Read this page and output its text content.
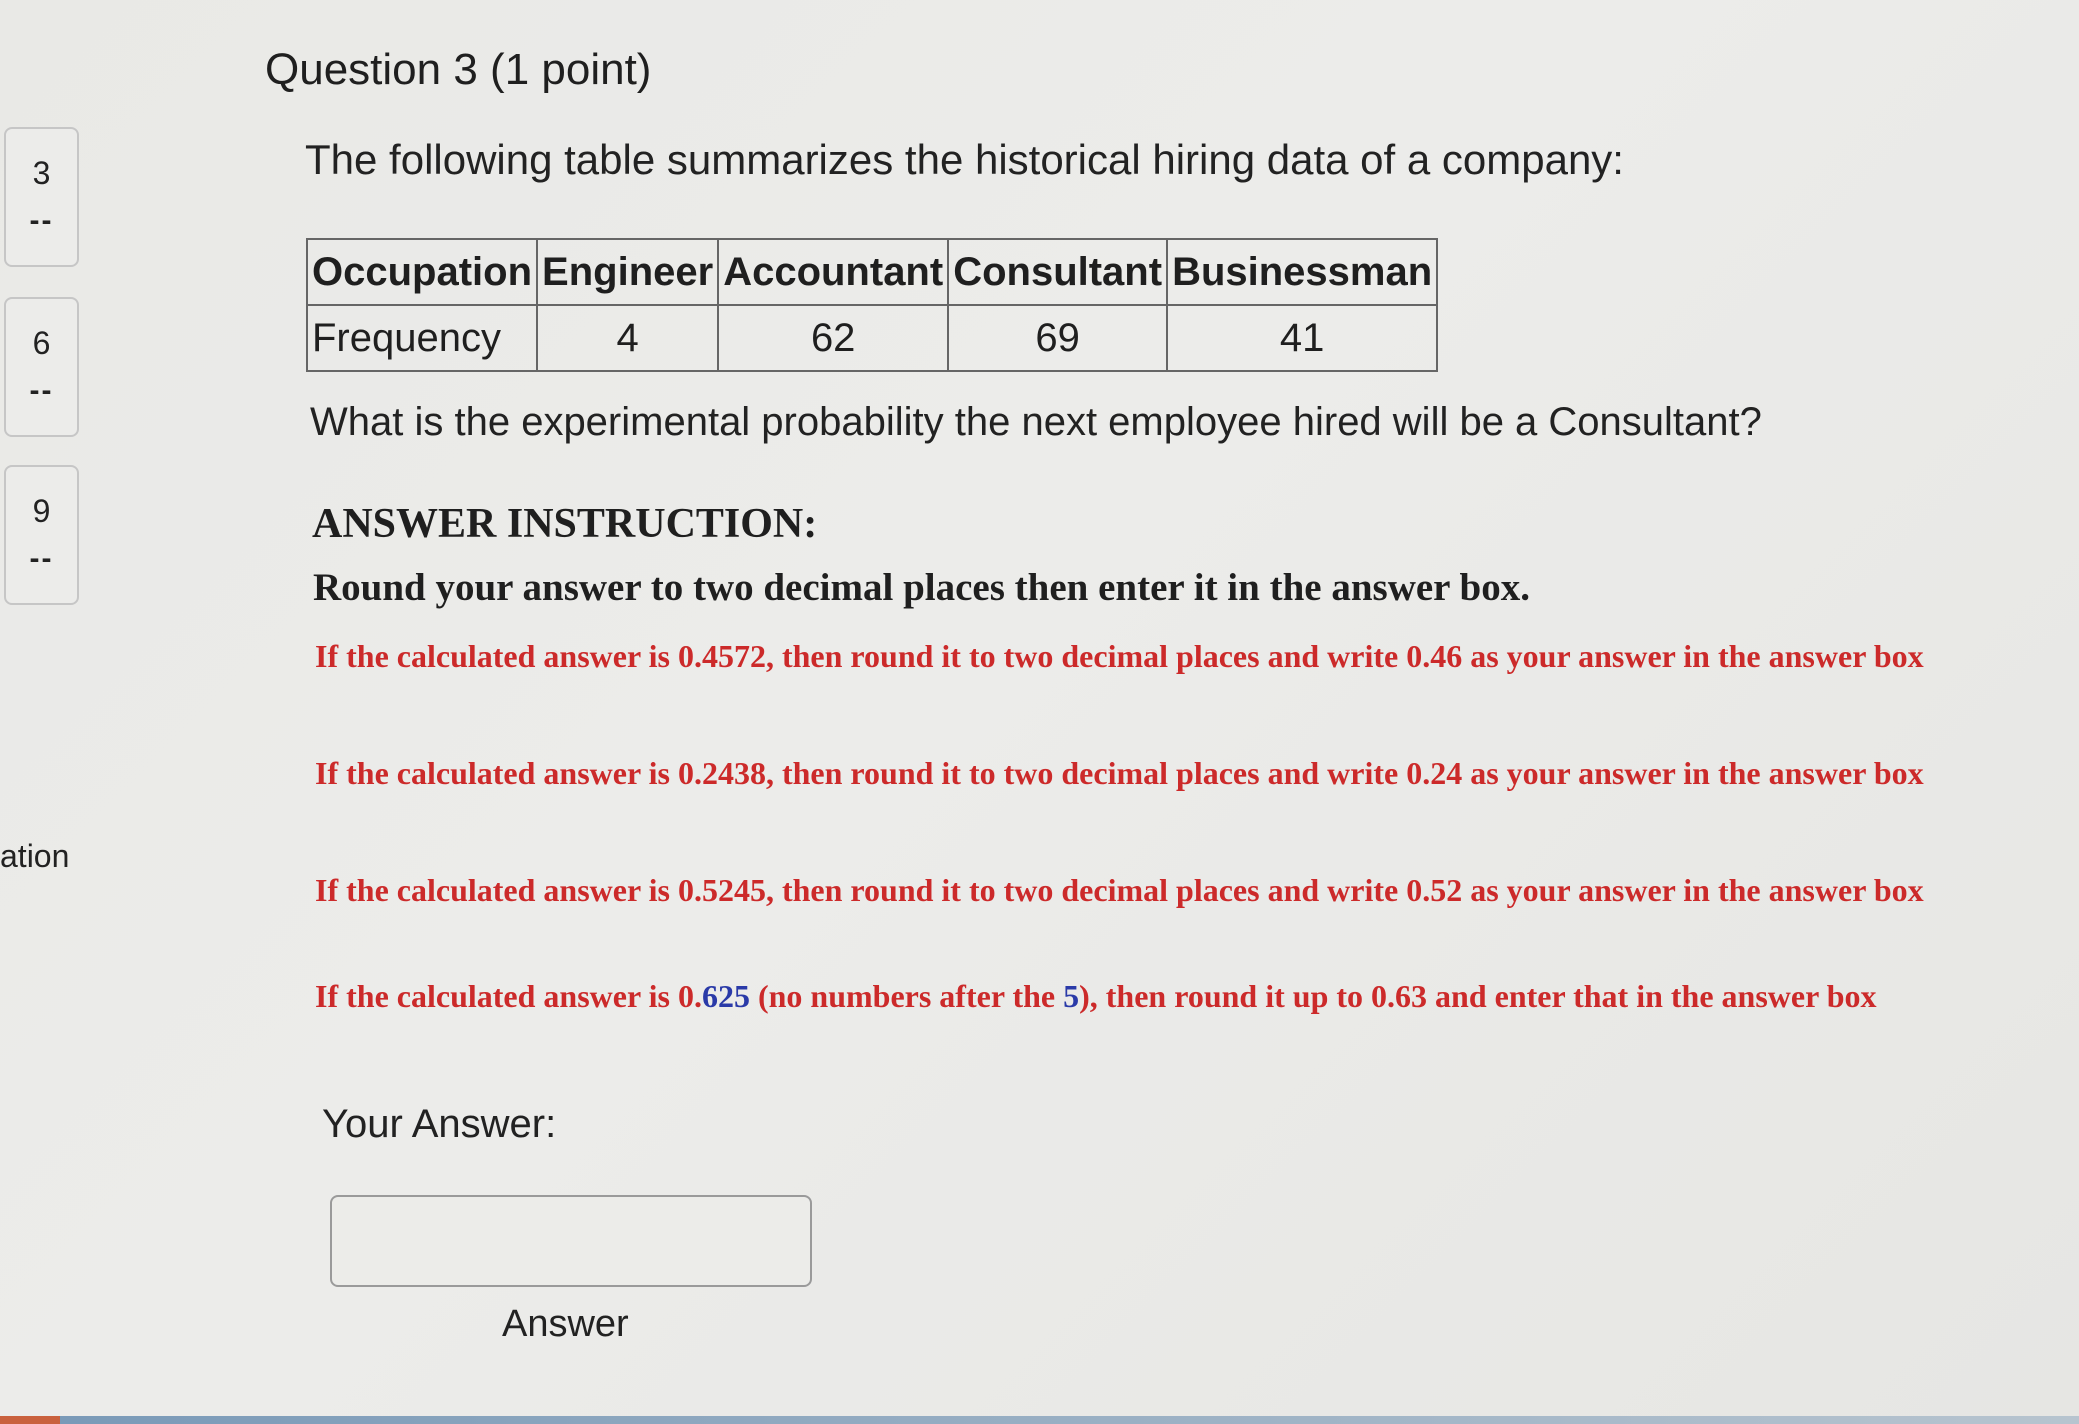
3
--
6
--
9
--
ation
Question 3 (1 point)
The following table summarizes the historical hiring data of a company:
Occupation	Engineer	Accountant	Consultant	Businessman
Frequency	4	62	69	41
What is the experimental probability the next employee hired will be a Consultant?
ANSWER INSTRUCTION:
Round your answer to two decimal places then enter it in the answer box.
If the calculated answer is 0.4572, then round it to two decimal places and write 0.46 as your answer in the answer box
If the calculated answer is 0.2438, then round it to two decimal places and write 0.24 as your answer in the answer box
If the calculated answer is 0.5245, then round it to two decimal places and write 0.52 as your answer in the answer box
If the calculated answer is 0.625 (no numbers after the 5), then round it up to 0.63 and enter that in the answer box
Your Answer:
Answer
